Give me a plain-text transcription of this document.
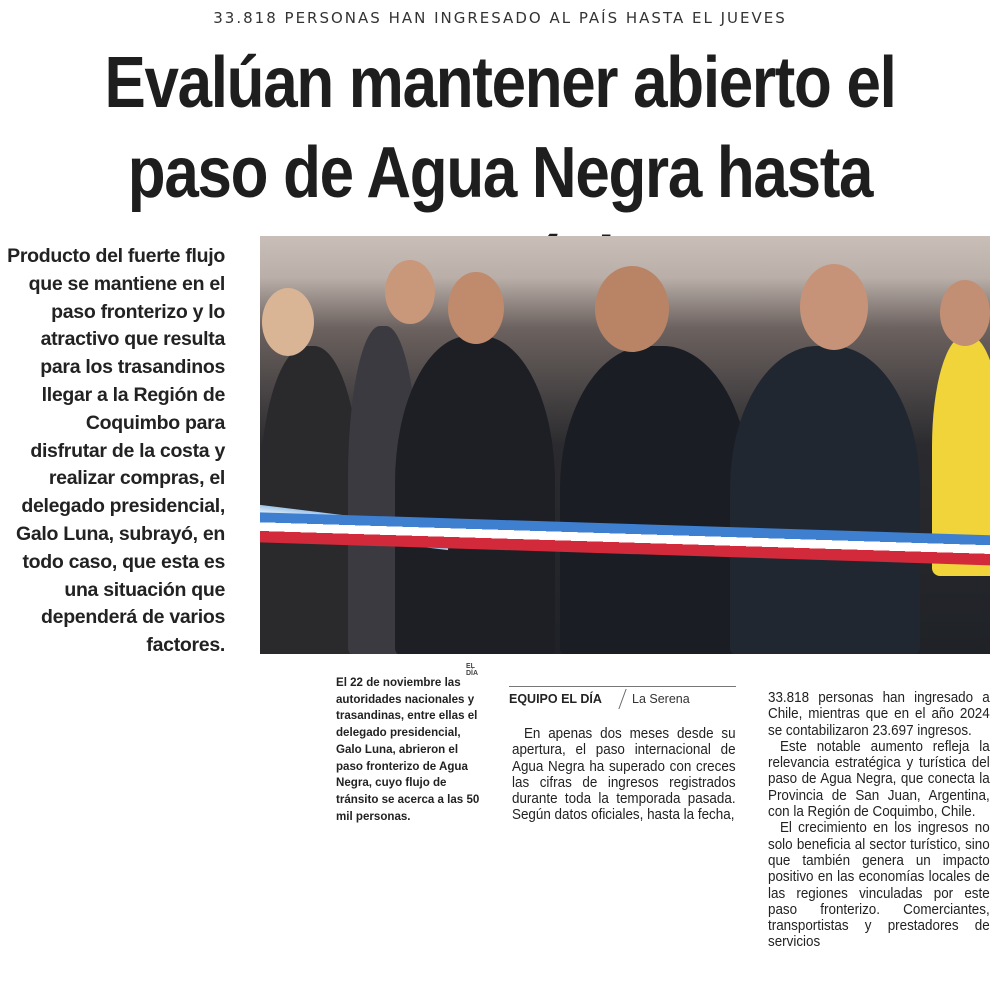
33.818 PERSONAS HAN INGRESADO AL PAÍS HASTA EL JUEVES
Evalúan mantener abierto el paso de Agua Negra hasta
Producto del fuerte flujo que se mantiene en el paso fronterizo y lo atractivo que resulta para los trasandinos llegar a la Región de Coquimbo para disfrutar de la costa y realizar compras, el delegado presidencial, Galo Luna, subrayó, en todo caso, que esta es una situación que dependerá de varios factores.
EL DÍA
El 22 de noviembre las autoridades nacionales y trasandinas, entre ellas el delegado presidencial, Galo Luna, abrieron el paso fronterizo de Agua Negra, cuyo flujo de tránsito se acerca a las 50 mil personas.
EQUIPO EL DÍA La Serena

En apenas dos meses desde su apertura, el paso internacional de Agua Negra ha superado con creces las cifras de ingresos registrados durante toda la temporada pasada. Según datos oficiales, hasta la fecha,

33.818 personas han ingresado a Chile, mientras que en el año 2024 se contabilizaron 23.697 ingresos.

Este notable aumento refleja la relevancia estratégica y turística del paso de Agua Negra, que conecta la Provincia de San Juan, Argentina, con la Región de Coquimbo, Chile.

El crecimiento en los ingresos no solo beneficia al sector turístico, sino que también genera un impacto positivo en las economías locales de las regiones vinculadas por este paso fronterizo. Comerciantes, transportistas y prestadores de servicios
